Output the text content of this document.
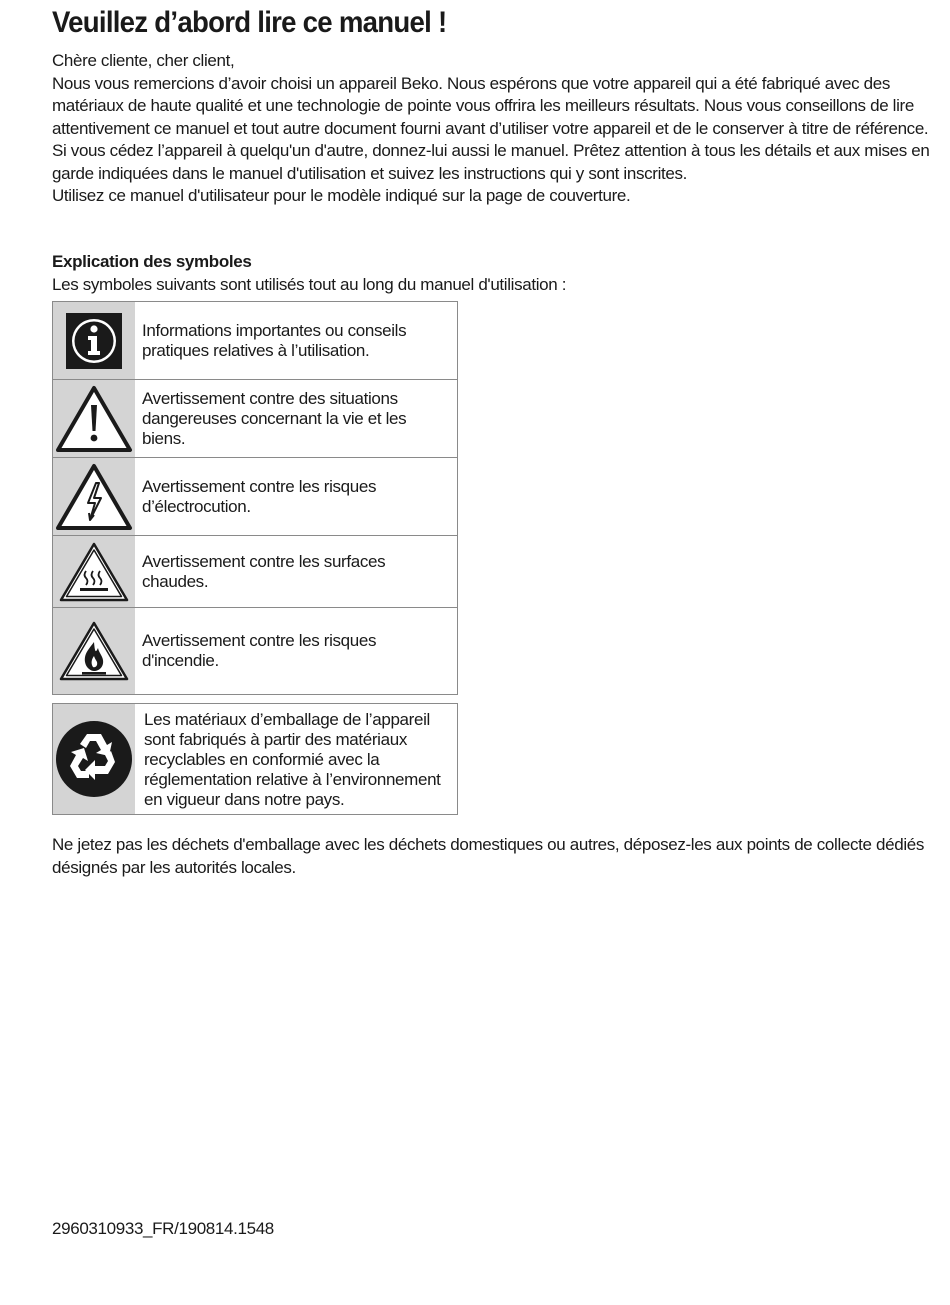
Veuillez d’abord lire ce manuel !

Chère cliente, cher client,

Nous vous remercions d’avoir choisi un appareil Beko. Nous espérons que votre appareil qui a été fabriqué avec des matériaux de haute qualité et une technologie de pointe vous offrira les meilleurs résultats. Nous vous conseillons de lire attentivement ce manuel et tout autre document fourni avant d’utiliser votre appareil et de le conserver à titre de référence. Si vous cédez l’appareil à quelqu'un d'autre, donnez-lui aussi le manuel. Prêtez attention à tous les détails et aux mises en garde indiquées dans le manuel d'utilisation et suivez les instructions qui y sont inscrites.

Utilisez ce manuel d'utilisateur pour le modèle indiqué sur la page de couverture.

Explication des symboles

Les symboles suivants sont utilisés tout au long du manuel d'utilisation :

Informations importantes ou conseils pratiques relatives à l’utilisation.
Avertissement contre des situations dangereuses concernant la vie et les biens.
Avertissement contre les risques d’électrocution.
Avertissement contre les surfaces chaudes.
Avertissement contre les risques d'incendie.
Les matériaux d’emballage de l’appareil sont fabriqués à partir des matériaux recyclables en conformié avec la réglementation relative à l’environnement en vigueur dans notre pays.

Ne jetez pas les déchets d'emballage avec les déchets domestiques ou autres, déposez-les aux points de collecte dédiés désignés par les autorités locales.

2960310933_FR/190814.1548
